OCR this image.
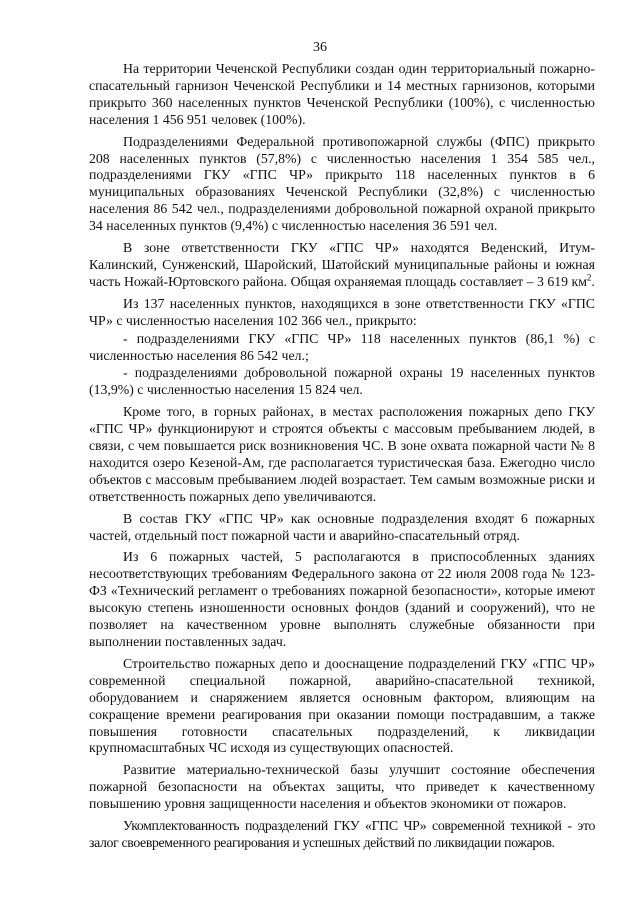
36

На территории Чеченской Республики создан один территориальный пожарно-спасательный гарнизон Чеченской Республики и 14 местных гарнизонов, которыми прикрыто 360 населенных пунктов Чеченской Республики (100%), с численностью населения 1 456 951 человек (100%).

Подразделениями Федеральной противопожарной службы (ФПС) прикрыто 208 населенных пунктов (57,8%) с численностью населения 1 354 585 чел., подразделениями ГКУ «ГПС ЧР» прикрыто 118 населенных пунктов в 6 муниципальных образованиях Чеченской Республики (32,8%) с численностью населения 86 542 чел., подразделениями добровольной пожарной охраной прикрыто 34 населенных пунктов (9,4%) с численностью населения 36 591 чел.

В зоне ответственности ГКУ «ГПС ЧР» находятся Веденский, Итум-Калинский, Сунженский, Шаройский, Шатойский муниципальные районы и южная часть Ножай-Юртовского района. Общая охраняемая площадь составляет – 3 619 $км^2$.

Из 137 населенных пунктов, находящихся в зоне ответственности ГКУ «ГПС ЧР» с численностью населения 102 366 чел., прикрыто:

- подразделениями ГКУ «ГПС ЧР» 118 населенных пунктов (86,1 %) с численностью населения 86 542 чел.;

- подразделениями добровольной пожарной охраны 19 населенных пунктов (13,9%) с численностью населения 15 824 чел.

Кроме того, в горных районах, в местах расположения пожарных депо ГКУ «ГПС ЧР» функционируют и строятся объекты с массовым пребыванием людей, в связи, с чем повышается риск возникновения ЧС. В зоне охвата пожарной части № 8 находится озеро Кезеной-Ам, где располагается туристическая база. Ежегодно число объектов с массовым пребыванием людей возрастает. Тем самым возможные риски и ответственность пожарных депо увеличиваются.

В состав ГКУ «ГПС ЧР» как основные подразделения входят 6 пожарных частей, отдельный пост пожарной части и аварийно-спасательный отряд.

Из 6 пожарных частей, 5 располагаются в приспособленных зданиях несоответствующих требованиям Федерального закона от 22 июля 2008 года № 123-ФЗ «Технический регламент о требованиях пожарной безопасности», которые имеют высокую степень изношенности основных фондов (зданий и сооружений), что не позволяет на качественном уровне выполнять служебные обязанности при выполнении поставленных задач.

Строительство пожарных депо и дооснащение подразделений ГКУ «ГПС ЧР» современной специальной пожарной, аварийно-спасательной техникой, оборудованием и снаряжением является основным фактором, влияющим на сокращение времени реагирования при оказании помощи пострадавшим, а также повышения готовности спасательных подразделений, к ликвидации крупномасштабных ЧС исходя из существующих опасностей.

Развитие материально-технической базы улучшит состояние обеспечения пожарной безопасности на объектах защиты, что приведет к качественному повышению уровня защищенности населения и объектов экономики от пожаров.

Укомплектованность подразделений ГКУ «ГПС ЧР» современной техникой - это залог своевременного реагирования и успешных действий по ликвидации пожаров.
